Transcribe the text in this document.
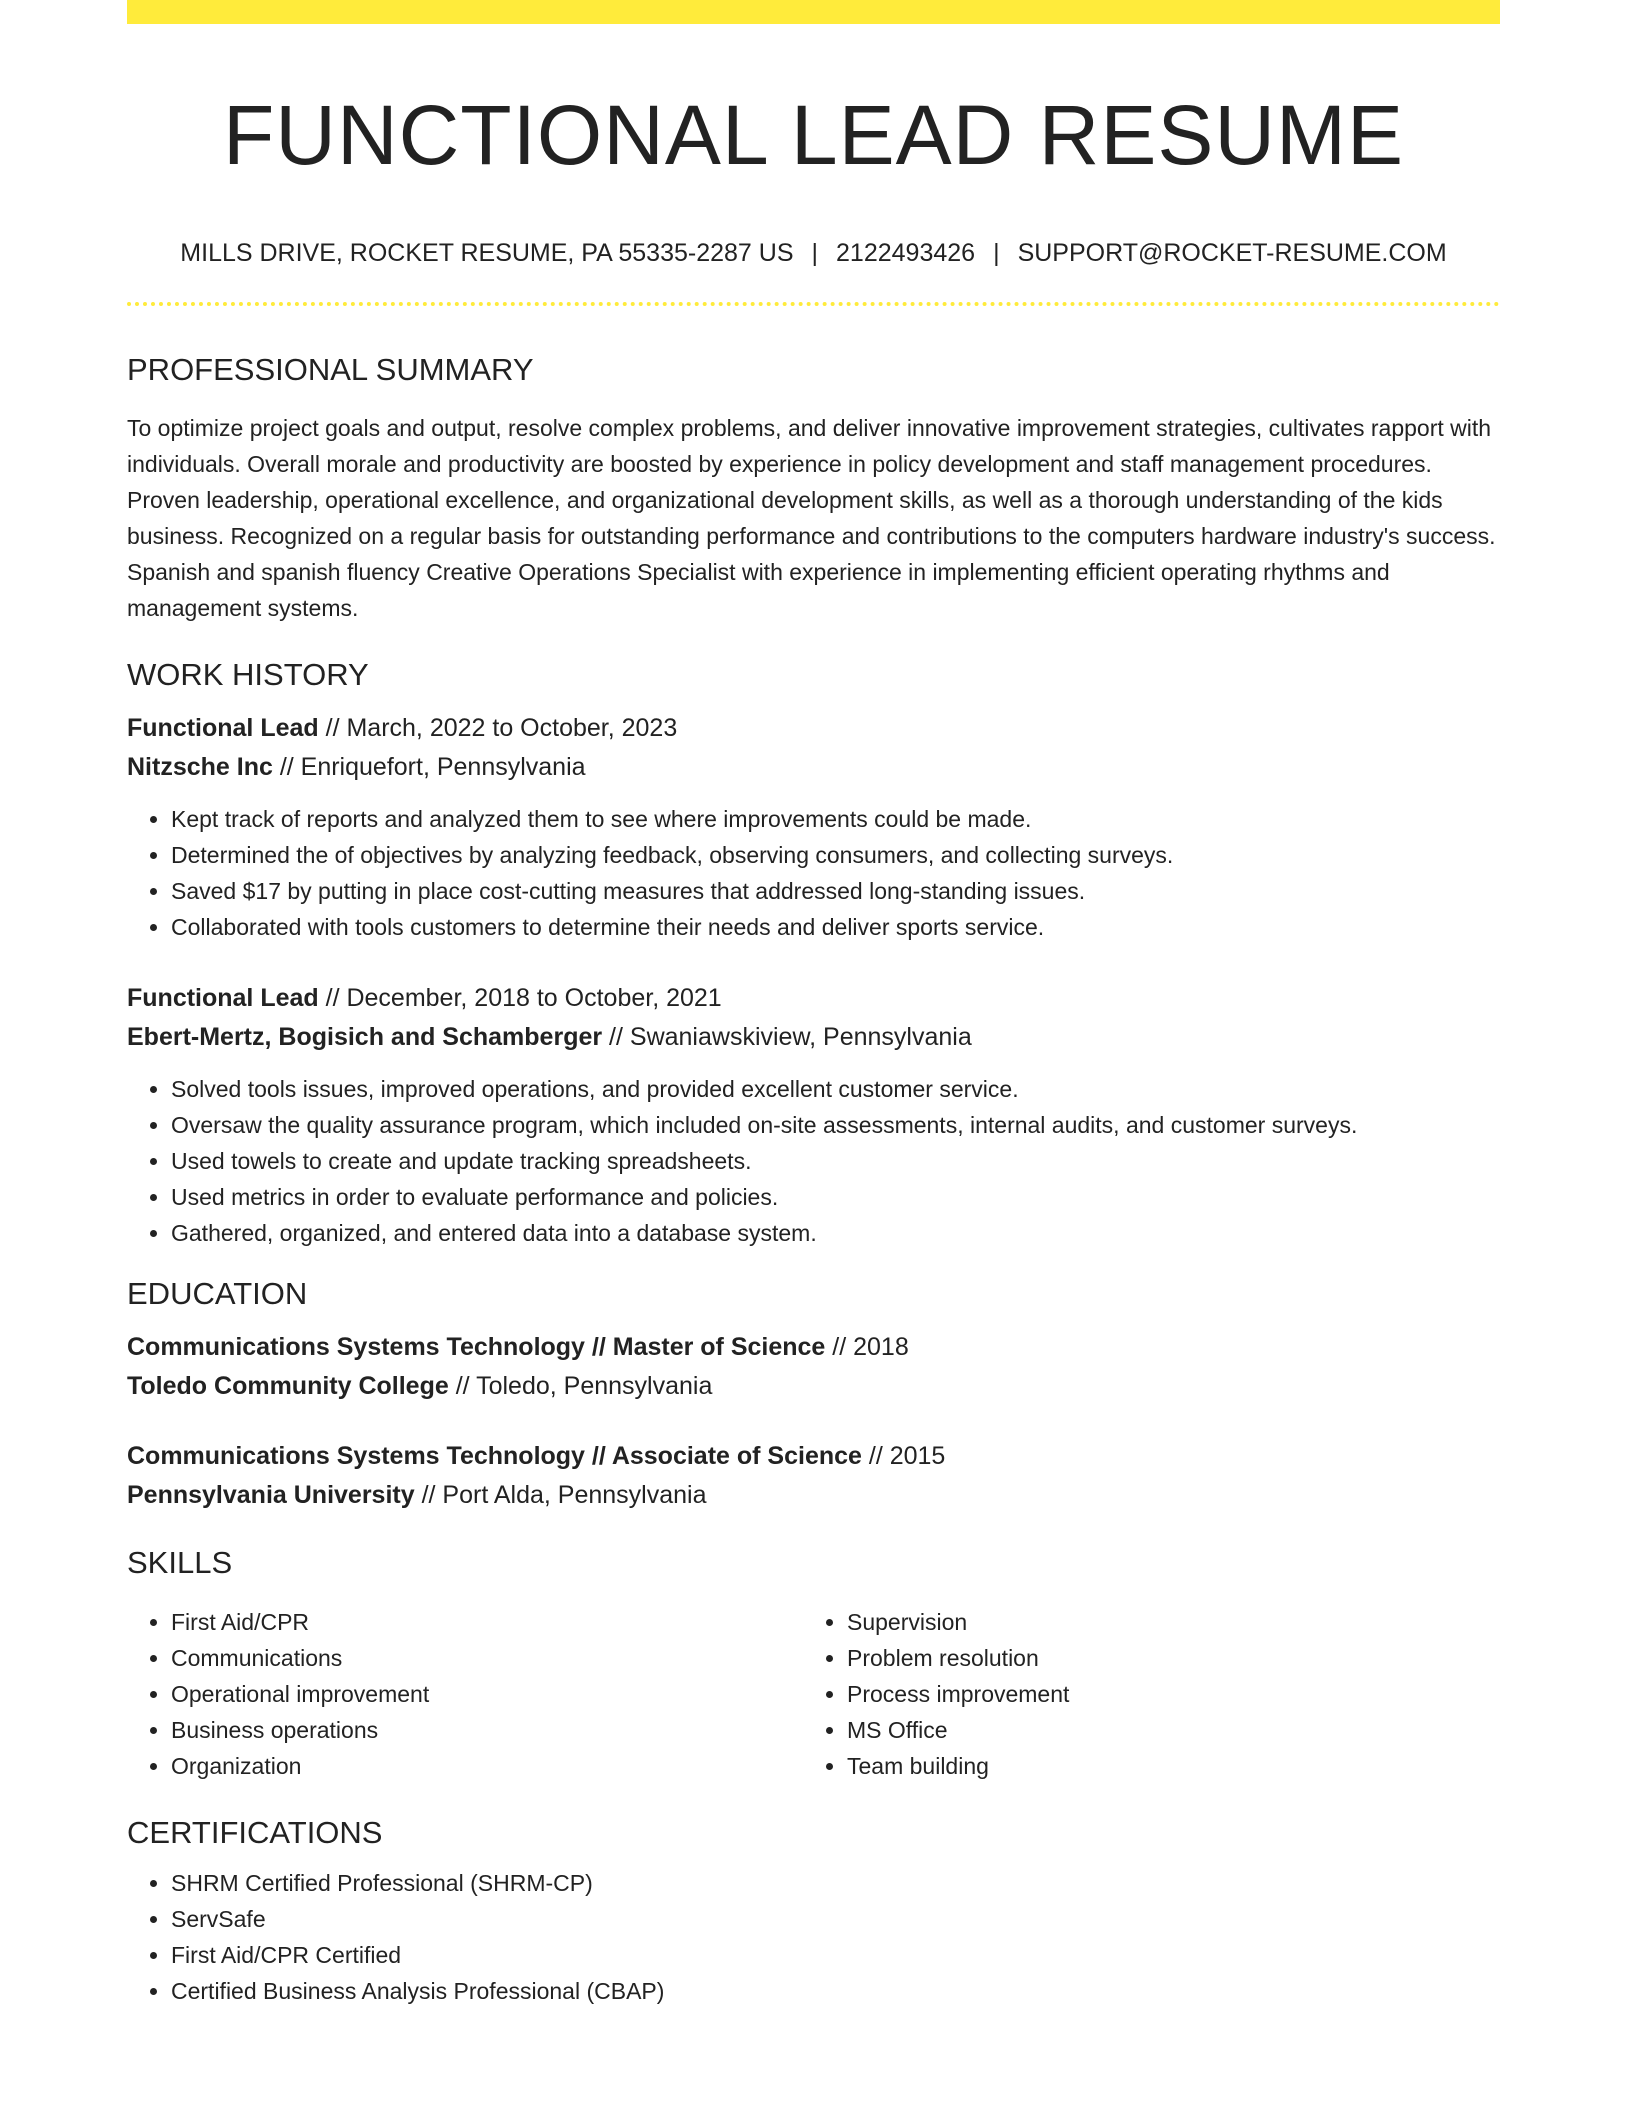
FUNCTIONAL LEAD RESUME
MILLS DRIVE, ROCKET RESUME, PA 55335-2287 US | 2122493426 | SUPPORT@ROCKET-RESUME.COM
PROFESSIONAL SUMMARY

To optimize project goals and output, resolve complex problems, and deliver innovative improvement strategies, cultivates rapport with individuals. Overall morale and productivity are boosted by experience in policy development and staff management procedures. Proven leadership, operational excellence, and organizational development skills, as well as a thorough understanding of the kids business. Recognized on a regular basis for outstanding performance and contributions to the computers hardware industry's success. Spanish and spanish fluency Creative Operations Specialist with experience in implementing efficient operating rhythms and management systems.

WORK HISTORY
Functional Lead // March, 2022 to October, 2023
Nitzsche Inc // Enriquefort, Pennsylvania
• Kept track of reports and analyzed them to see where improvements could be made.
• Determined the of objectives by analyzing feedback, observing consumers, and collecting surveys.
• Saved $17 by putting in place cost-cutting measures that addressed long-standing issues.
• Collaborated with tools customers to determine their needs and deliver sports service.
Functional Lead // December, 2018 to October, 2021
Ebert-Mertz, Bogisich and Schamberger // Swaniawskiview, Pennsylvania
• Solved tools issues, improved operations, and provided excellent customer service.
• Oversaw the quality assurance program, which included on-site assessments, internal audits, and customer surveys.
• Used towels to create and update tracking spreadsheets.
• Used metrics in order to evaluate performance and policies.
• Gathered, organized, and entered data into a database system.
EDUCATION
Communications Systems Technology // Master of Science // 2018
Toledo Community College // Toledo, Pennsylvania
Communications Systems Technology // Associate of Science // 2015
Pennsylvania University // Port Alda, Pennsylvania
SKILLS
• First Aid/CPR
• Communications
• Operational improvement
• Business operations
• Organization
• Supervision
• Problem resolution
• Process improvement
• MS Office
• Team building
CERTIFICATIONS
• SHRM Certified Professional (SHRM-CP)
• ServSafe
• First Aid/CPR Certified
• Certified Business Analysis Professional (CBAP)
